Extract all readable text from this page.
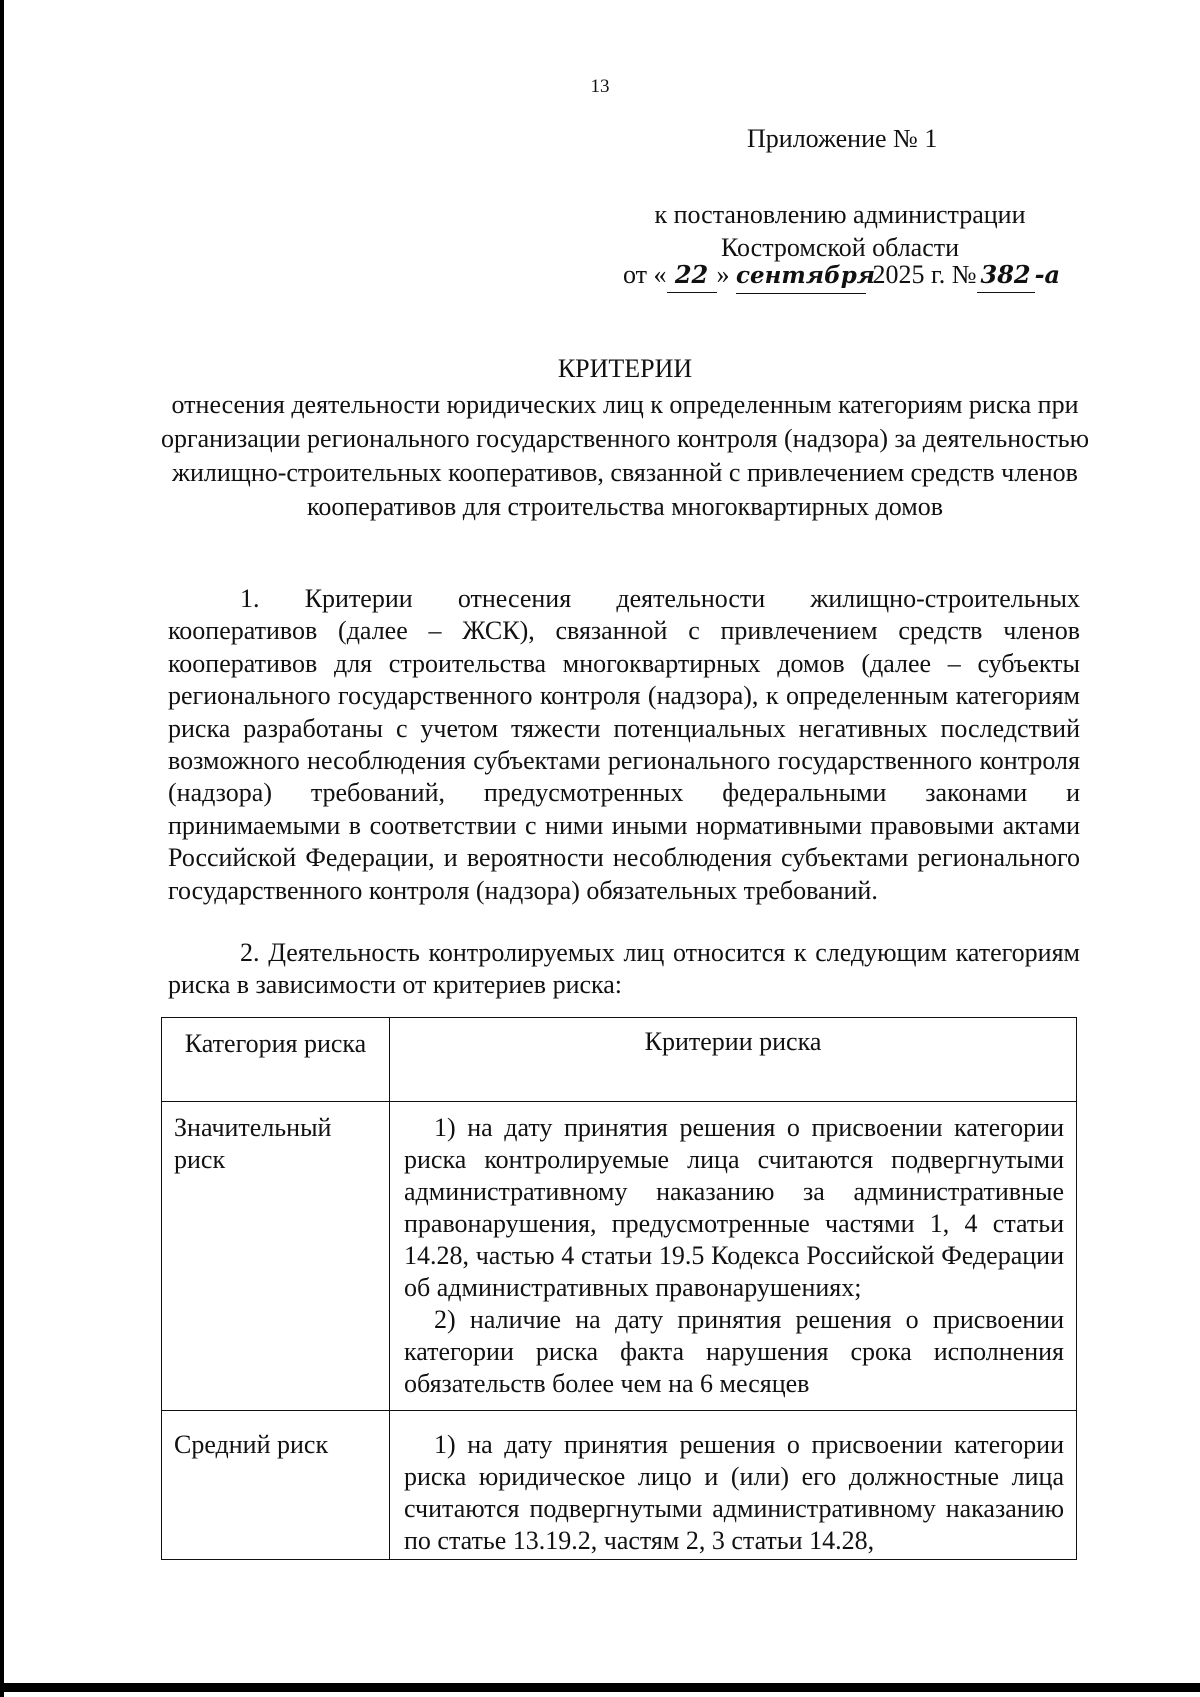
13
Приложение № 1
к постановлению администрации
Костромской области
от « 22 » сентября 2025 г. № 382 -а
КРИТЕРИИ
отнесения деятельности юридических лиц к определенным категориям риска при организации регионального государственного контроля (надзора) за деятельностью жилищно-строительных кооперативов, связанной с привлечением средств членов кооперативов для строительства многоквартирных домов

1. Критерии отнесения деятельности жилищно-строительных кооперативов (далее – ЖСК), связанной с привлечением средств членов кооперативов для строительства многоквартирных домов (далее – субъекты регионального государственного контроля (надзора), к определенным категориям риска разработаны с учетом тяжести потенциальных негативных последствий возможного несоблюдения субъектами регионального государственного контроля (надзора) требований, предусмотренных федеральными законами и принимаемыми в соответствии с ними иными нормативными правовыми актами Российской Федерации, и вероятности несоблюдения субъектами регионального государственного контроля (надзора) обязательных требований.

2. Деятельность контролируемых лиц относится к следующим категориям риска в зависимости от критериев риска:

Категория риска	Критерии риска
Значительный риск	1) на дату принятия решения о присвоении категории риска контролируемые лица считаются подвергнутыми административному наказанию за административные правонарушения, предусмотренные частями 1, 4 статьи 14.28, частью 4 статьи 19.5 Кодекса Российской Федерации об административных правонарушениях;

2) наличие на дату принятия решения о присвоении категории риска факта нарушения срока исполнения обязательств более чем на 6 месяцев

Средний риск	1) на дату принятия решения о присвоении категории риска юридическое лицо и (или) его должностные лица считаются подвергнутыми административному наказанию по статье 13.19.2, частям 2, 3 статьи 14.28,
